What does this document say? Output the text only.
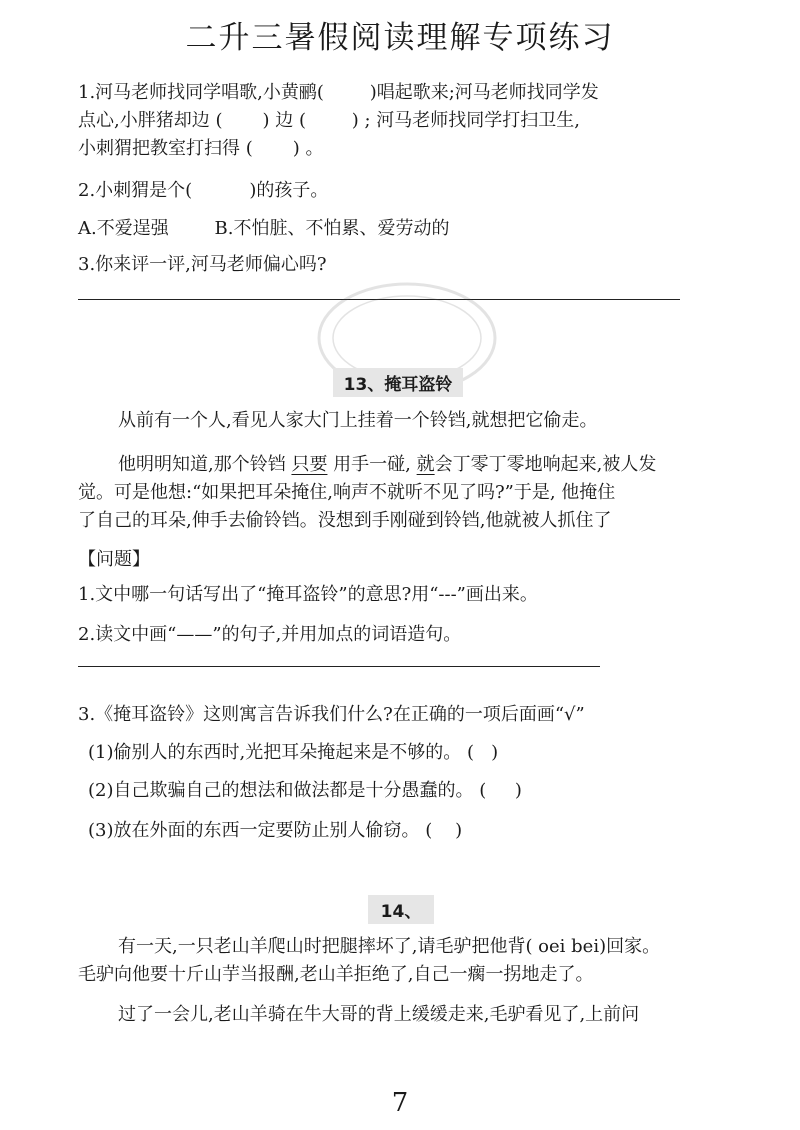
二升三暑假阅读理解专项练习
1.河马老师找同学唱歌,小黄鹂(        )唱起歌来;河马老师找同学发
点心,小胖猪却边 (       ) 边 (        ) ; 河马老师找同学打扫卫生,
小刺猬把教室打扫得 (       ) 。
2.小刺猬是个(          )的孩子。
A.不爱逞强        B.不怕脏、不怕累、爱劳动的
3.你来评一评,河马老师偏心吗?
13、掩耳盗铃
从前有一个人,看见人家大门上挂着一个铃铛,就想把它偷走。
他明明知道,那个铃铛 只要 用手一碰, 就会丁零丁零地响起来,被人发
觉。可是他想:“如果把耳朵掩住,响声不就听不见了吗?”于是, 他掩住
了自己的耳朵,伸手去偷铃铛。没想到手刚碰到铃铛,他就被人抓住了
【问题】
1.文中哪一句话写出了“掩耳盗铃”的意思?用“---”画出来。
2.读文中画“——”的句子,并用加点的词语造句。
3.《掩耳盗铃》这则寓言告诉我们什么?在正确的一项后面画“√”
(1)偷别人的东西时,光把耳朵掩起来是不够的。 (   )
(2)自己欺骗自己的想法和做法都是十分愚蠢的。 (     )
(3)放在外面的东西一定要防止别人偷窃。 (    )
14、
有一天,一只老山羊爬山时把腿摔坏了,请毛驴把他背( oei bei)回家。
毛驴向他要十斤山芋当报酬,老山羊拒绝了,自己一瘸一拐地走了。
过了一会儿,老山羊骑在牛大哥的背上缓缓走来,毛驴看见了,上前问
7
